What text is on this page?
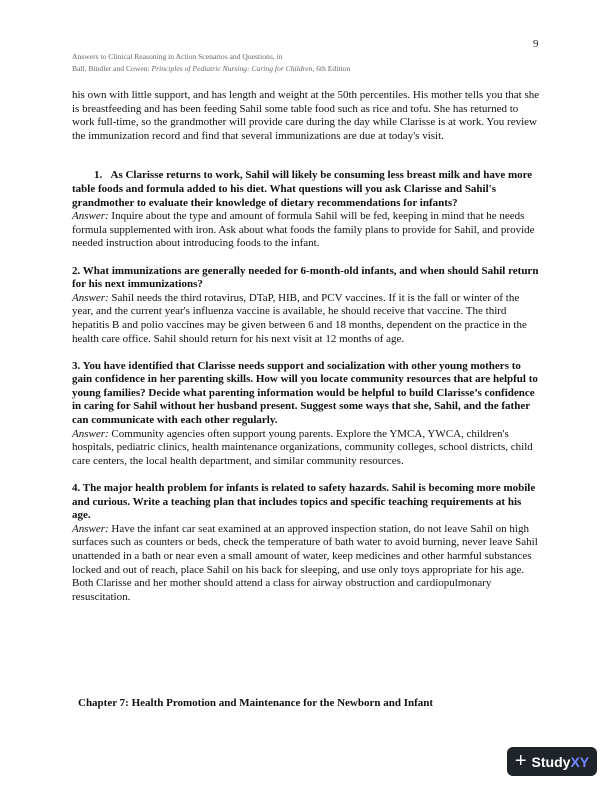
9
Answers to Clinical Reasoning in Action Scenarios and Questions, in
Ball, Bindler and Cowen: Principles of Pediatric Nursing: Caring for Children, 6th Edition

his own with little support, and has length and weight at the 50th percentiles. His mother tells you that she is breastfeeding and has been feeding Sahil some table food such as rice and tofu. She has returned to work full-time, so the grandmother will provide care during the day while Clarisse is at work. You review the immunization record and find that several immunizations are due at today's visit.

1.   As Clarisse returns to work, Sahil will likely be consuming less breast milk and have more table foods and formula added to his diet. What questions will you ask Clarisse and Sahil's grandmother to evaluate their knowledge of dietary recommendations for infants?

Answer: Inquire about the type and amount of formula Sahil will be fed, keeping in mind that he needs formula supplemented with iron. Ask about what foods the family plans to provide for Sahil, and provide needed instruction about introducing foods to the infant.

2. What immunizations are generally needed for 6-month-old infants, and when should Sahil return for his next immunizations?

Answer: Sahil needs the third rotavirus, DTaP, HIB, and PCV vaccines. If it is the fall or winter of the year, and the current year's influenza vaccine is available, he should receive that vaccine. The third hepatitis B and polio vaccines may be given between 6 and 18 months, dependent on the practice in the health care office. Sahil should return for his next visit at 12 months of age.

3. You have identified that Clarisse needs support and socialization with other young mothers to gain confidence in her parenting skills. How will you locate community resources that are helpful to young families? Decide what parenting information would be helpful to build Clarisse’s confidence in caring for Sahil without her husband present. Suggest some ways that she, Sahil, and the father can communicate with each other regularly.

Answer: Community agencies often support young parents. Explore the YMCA, YWCA, children's hospitals, pediatric clinics, health maintenance organizations, community colleges, school districts, child care centers, the local health department, and similar community resources.

4. The major health problem for infants is related to safety hazards. Sahil is becoming more mobile and curious. Write a teaching plan that includes topics and specific teaching requirements at his age.

Answer: Have the infant car seat examined at an approved inspection station, do not leave Sahil on high surfaces such as counters or beds, check the temperature of bath water to avoid burning, never leave Sahil unattended in a bath or near even a small amount of water, keep medicines and other harmful substances locked and out of reach, place Sahil on his back for sleeping, and use only toys appropriate for his age. Both Clarisse and her mother should attend a class for airway obstruction and cardiopulmonary resuscitation.

Chapter 7: Health Promotion and Maintenance for the Newborn and Infant
+ StudyXY
